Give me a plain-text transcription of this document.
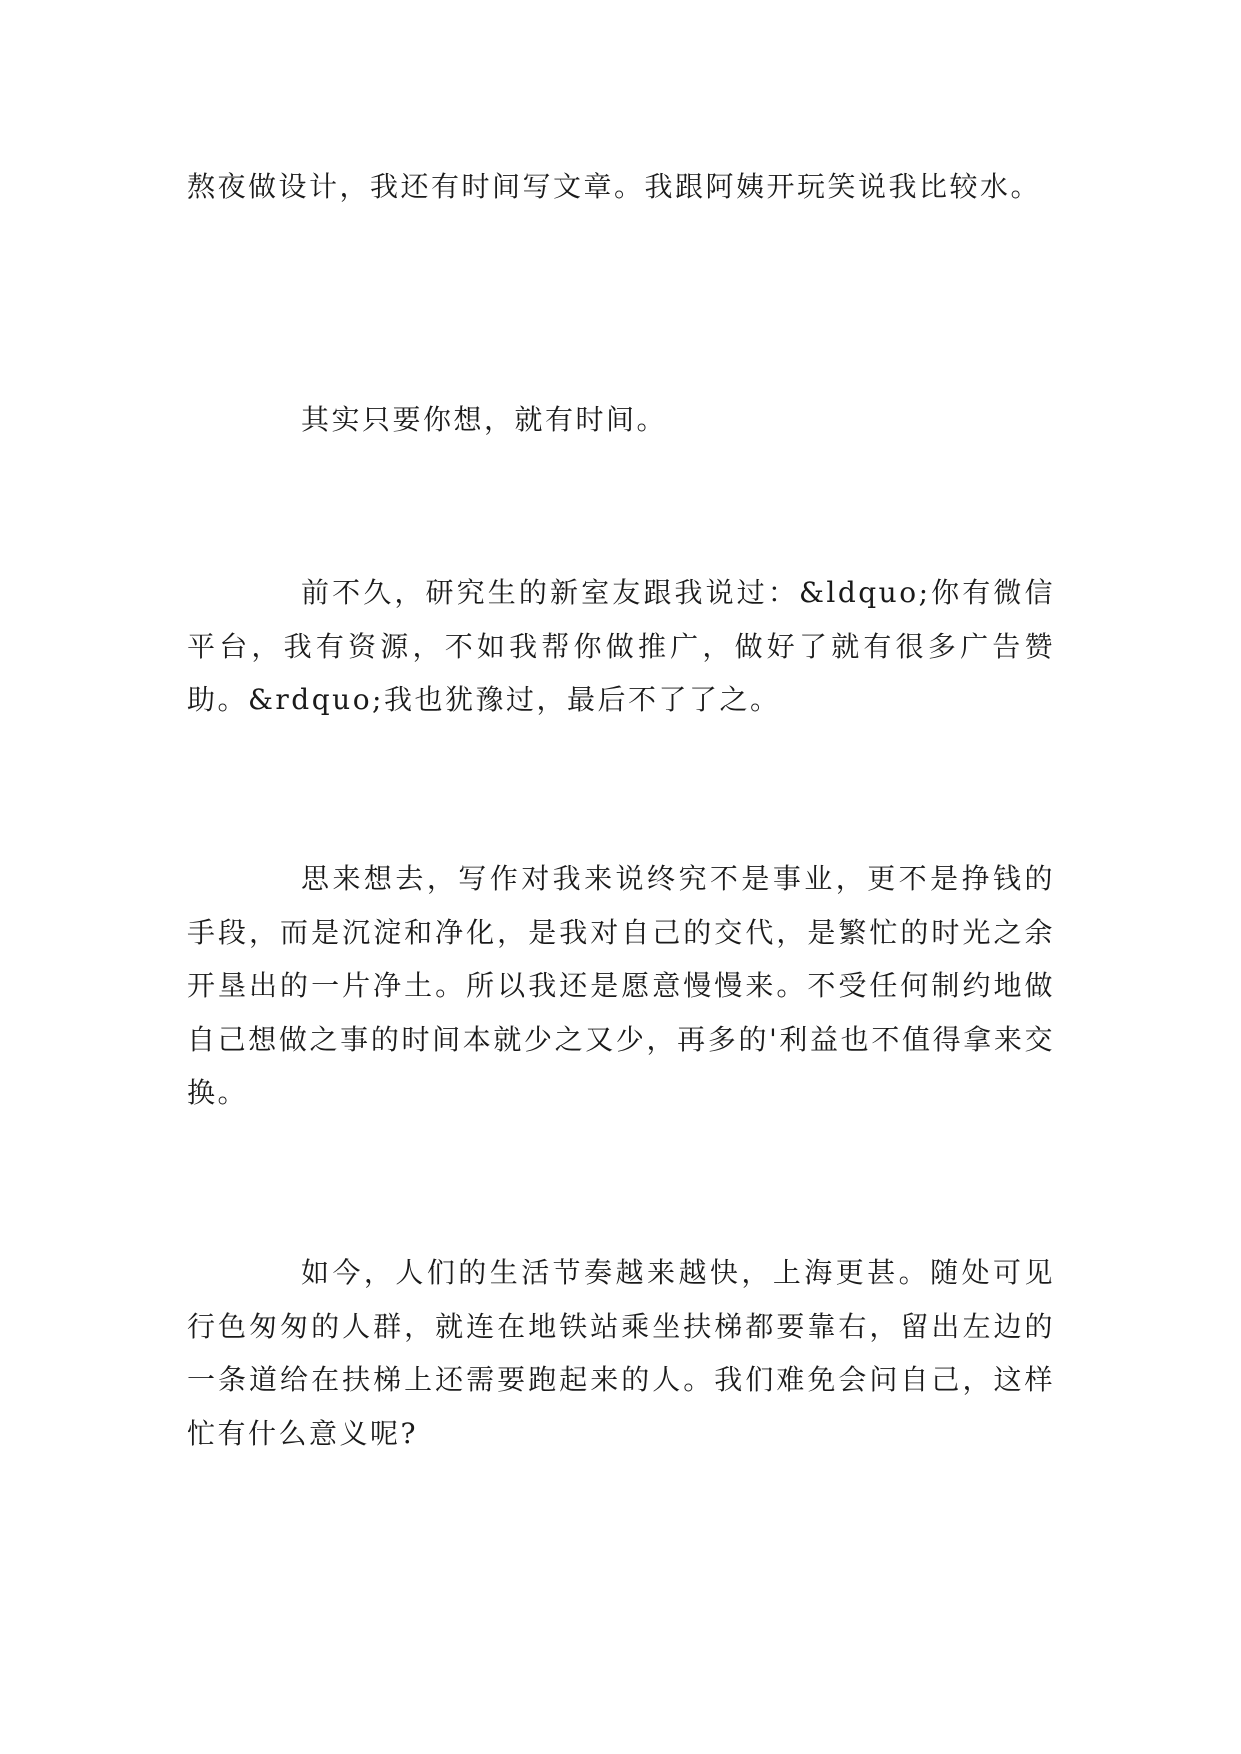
熬夜做设计，我还有时间写文章。我跟阿姨开玩笑说我比较水。

其实只要你想，就有时间。

前不久，研究生的新室友跟我说过：&ldquo;你有微信平台，我有资源，不如我帮你做推广，做好了就有很多广告赞助。&rdquo;我也犹豫过，最后不了了之。

思来想去，写作对我来说终究不是事业，更不是挣钱的手段，而是沉淀和净化，是我对自己的交代，是繁忙的时光之余开垦出的一片净土。所以我还是愿意慢慢来。不受任何制约地做自己想做之事的时间本就少之又少，再多的'利益也不值得拿来交换。

如今，人们的生活节奏越来越快，上海更甚。随处可见行色匆匆的人群，就连在地铁站乘坐扶梯都要靠右，留出左边的一条道给在扶梯上还需要跑起来的人。我们难免会问自己，这样忙有什么意义呢?
